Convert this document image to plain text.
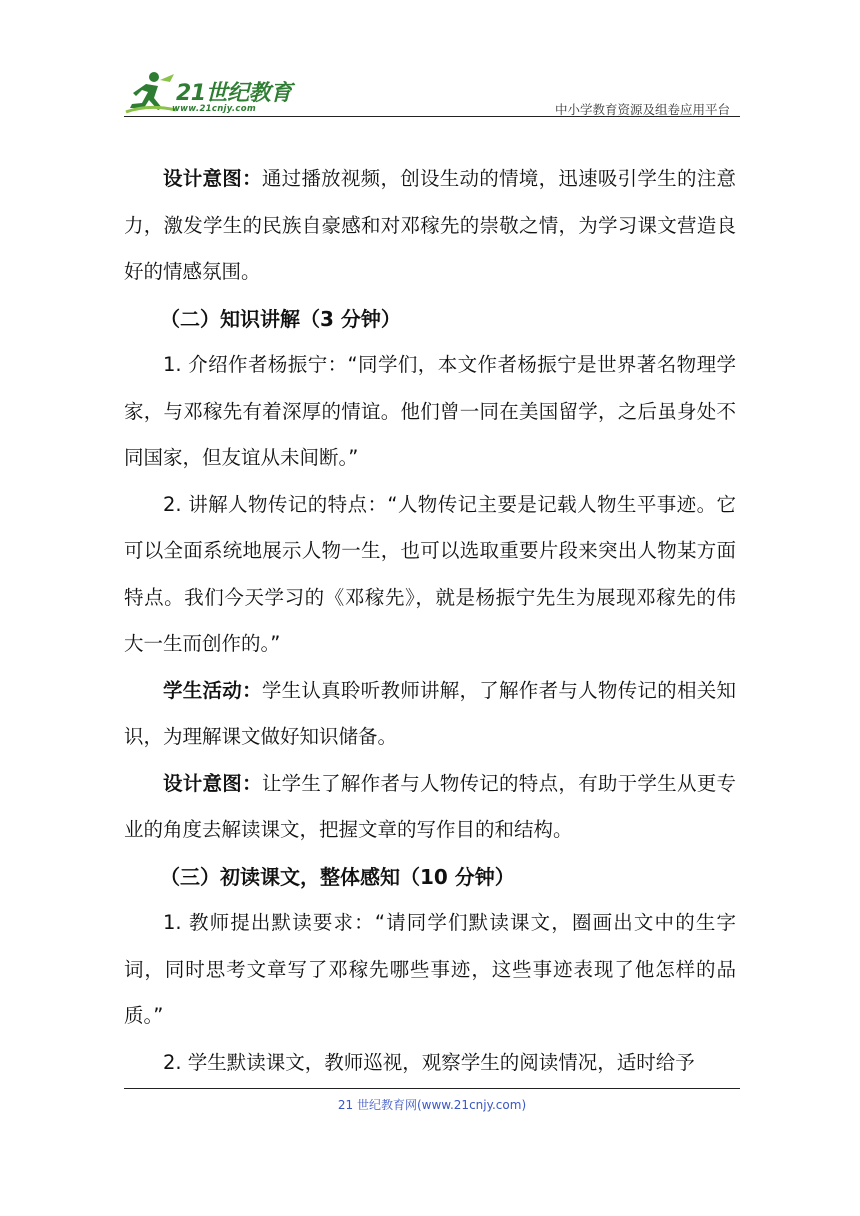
21世纪教育
www.21cnjy.com	中小学教育资源及组卷应用平台

设计意图：通过播放视频，创设生动的情境，迅速吸引学生的注意力，激发学生的民族自豪感和对邓稼先的崇敬之情，为学习课文营造良好的情感氛围。

（二）知识讲解（3 分钟）

1. 介绍作者杨振宁：“同学们，本文作者杨振宁是世界著名物理学家，与邓稼先有着深厚的情谊。他们曾一同在美国留学，之后虽身处不同国家，但友谊从未间断。”

2. 讲解人物传记的特点：“人物传记主要是记载人物生平事迹。它可以全面系统地展示人物一生，也可以选取重要片段来突出人物某方面特点。我们今天学习的《邓稼先》，就是杨振宁先生为展现邓稼先的伟大一生而创作的。”

学生活动：学生认真聆听教师讲解，了解作者与人物传记的相关知识，为理解课文做好知识储备。

设计意图：让学生了解作者与人物传记的特点，有助于学生从更专业的角度去解读课文，把握文章的写作目的和结构。

（三）初读课文，整体感知（10 分钟）

1. 教师提出默读要求：“请同学们默读课文，圈画出文中的生字词，同时思考文章写了邓稼先哪些事迹，这些事迹表现了他怎样的品质。”

2. 学生默读课文，教师巡视，观察学生的阅读情况，适时给予

21 世纪教育网(www.21cnjy.com)
